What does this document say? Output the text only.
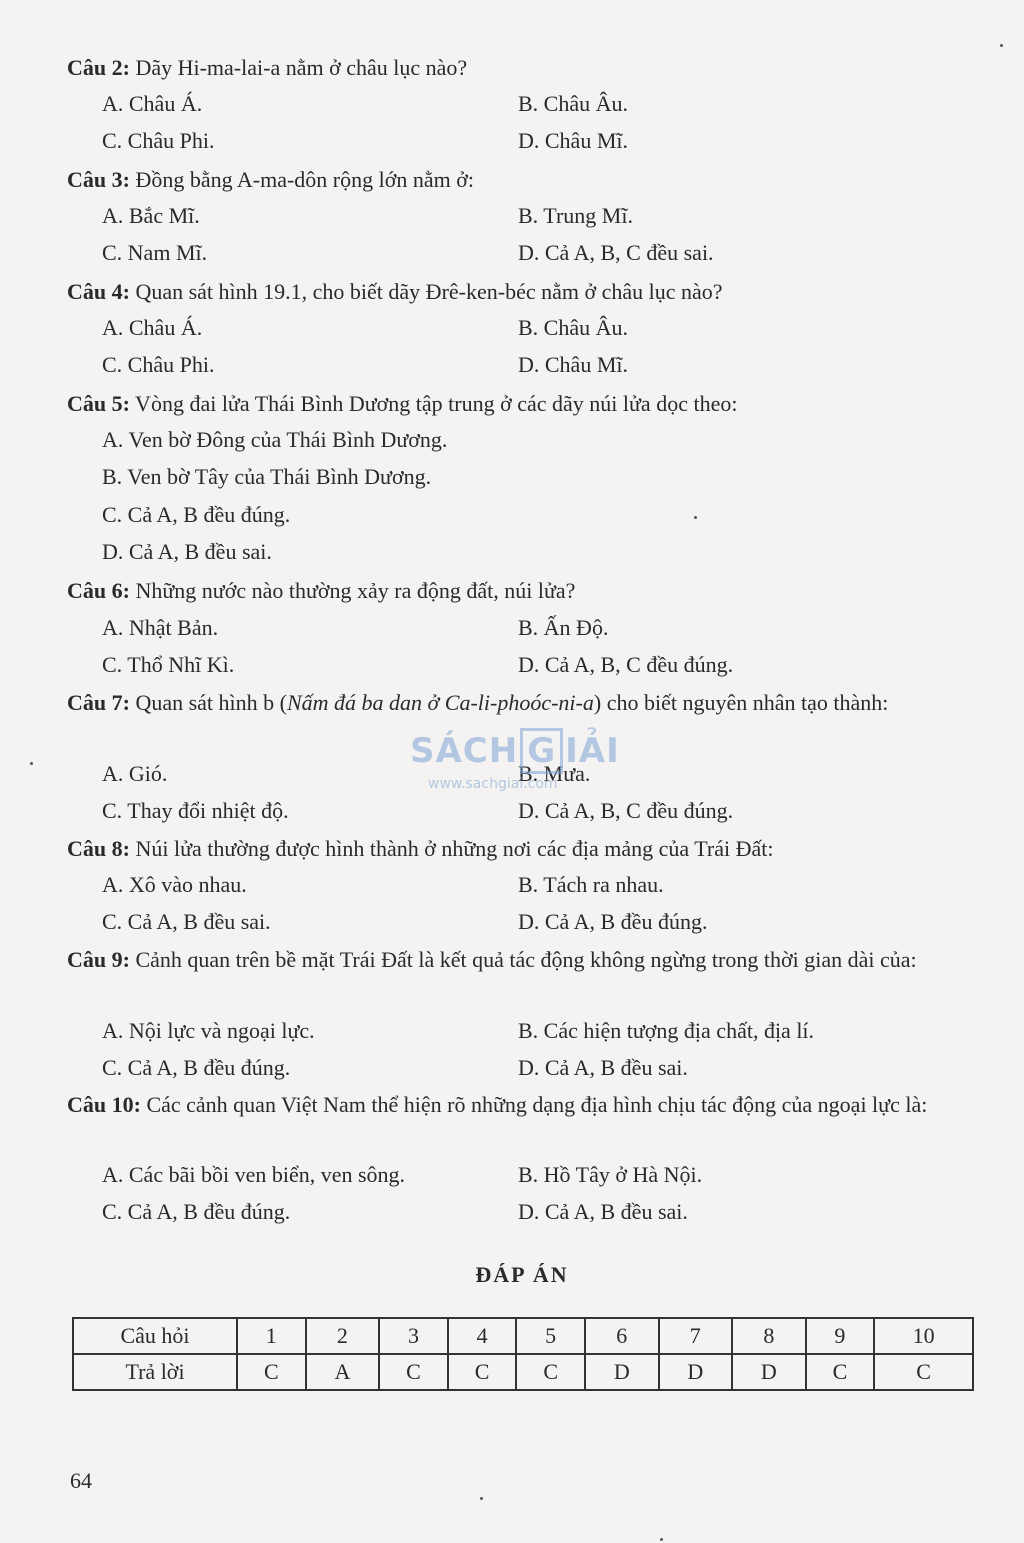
Câu 2: Dãy Hi-ma-lai-a nằm ở châu lục nào?
A. Châu Á.	B. Châu Âu.
C. Châu Phi.	D. Châu Mĩ.
Câu 3: Đồng bằng A-ma-dôn rộng lớn nằm ở:
A. Bắc Mĩ.	B. Trung Mĩ.
C. Nam Mĩ.	D. Cả A, B, C đều sai.
Câu 4: Quan sát hình 19.1, cho biết dãy Đrê-ken-béc nằm ở châu lục nào?
A. Châu Á.	B. Châu Âu.
C. Châu Phi.	D. Châu Mĩ.
Câu 5: Vòng đai lửa Thái Bình Dương tập trung ở các dãy núi lửa dọc theo:
A. Ven bờ Đông của Thái Bình Dương.
B. Ven bờ Tây của Thái Bình Dương.
C. Cả A, B đều đúng.
D. Cả A, B đều sai.
Câu 6: Những nước nào thường xảy ra động đất, núi lửa?
A. Nhật Bản.	B. Ấn Độ.
C. Thổ Nhĩ Kì.	D. Cả A, B, C đều đúng.
Câu 7: Quan sát hình b (Nấm đá ba dan ở Ca-li-phoóc-ni-a) cho biết nguyên nhân tạo thành:
A. Gió.	B. Mưa.
C. Thay đổi nhiệt độ.	D. Cả A, B, C đều đúng.
Câu 8: Núi lửa thường được hình thành ở những nơi các địa mảng của Trái Đất:
A. Xô vào nhau.	B. Tách ra nhau.
C. Cả A, B đều sai.	D. Cả A, B đều đúng.
Câu 9: Cảnh quan trên bề mặt Trái Đất là kết quả tác động không ngừng trong thời gian dài của:
A. Nội lực và ngoại lực.	B. Các hiện tượng địa chất, địa lí.
C. Cả A, B đều đúng.	D. Cả A, B đều sai.
Câu 10: Các cảnh quan Việt Nam thể hiện rõ những dạng địa hình chịu tác động của ngoại lực là:
A. Các bãi bồi ven biển, ven sông.	B. Hồ Tây ở Hà Nội.
C. Cả A, B đều đúng.	D. Cả A, B đều sai.
ĐÁP ÁN
Câu hỏi	1	2	3	4	5	6	7	8	9	10
Trả lời	C	A	C	C	C	D	D	D	C	C
64
SÁCH G IẢI
www.sachgiai.com
